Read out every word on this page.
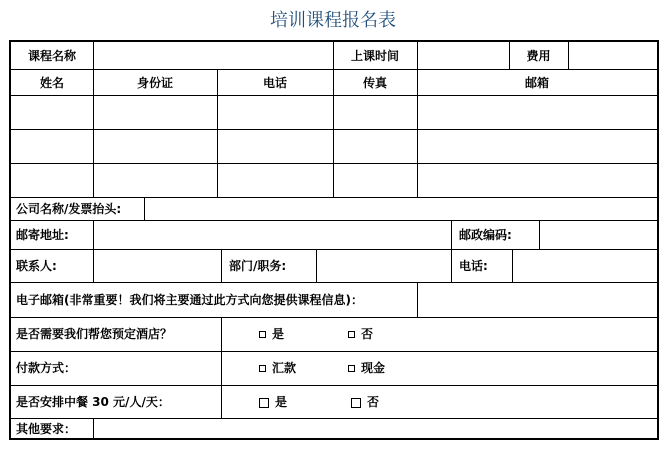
培训课程报名表
课程名称	上课时间	费用
姓名	身份证	电话	传真	邮箱
公司名称/发票抬头:
邮寄地址:	邮政编码:
联系人:	部门/职务:	电话:
电子邮箱(非常重要！我们将主要通过此方式向您提供课程信息)：
是否需要我们帮您预定酒店？	是	否
付款方式：	汇款	现金
是否安排中餐 30 元/人/天：	是	否
其他要求：
